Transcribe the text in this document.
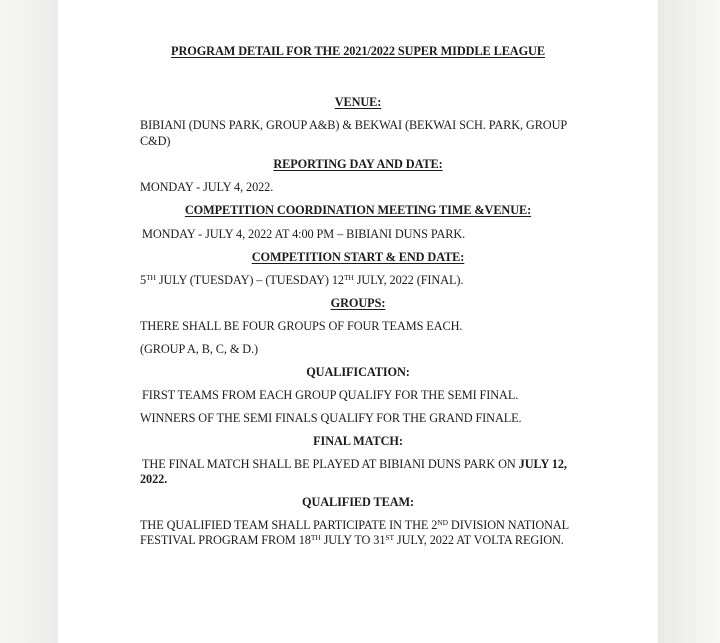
PROGRAM DETAIL FOR THE 2021/2022 SUPER MIDDLE LEAGUE
VENUE:
BIBIANI (DUNS PARK, GROUP A&B) & BEKWAI (BEKWAI SCH. PARK, GROUP
C&D)
REPORTING DAY AND DATE:
MONDAY - JULY 4, 2022.
COMPETITION COORDINATION MEETING TIME &VENUE:
MONDAY - JULY 4, 2022 AT 4:00 PM – BIBIANI DUNS PARK.
COMPETITION START & END DATE:
5TH JULY (TUESDAY) – (TUESDAY) 12TH JULY, 2022 (FINAL).
GROUPS:
THERE SHALL BE FOUR GROUPS OF FOUR TEAMS EACH.
(GROUP A, B, C, & D.)
QUALIFICATION:
FIRST TEAMS FROM EACH GROUP QUALIFY FOR THE SEMI FINAL.
WINNERS OF THE SEMI FINALS QUALIFY FOR THE GRAND FINALE.
FINAL MATCH:
THE FINAL MATCH SHALL BE PLAYED AT BIBIANI DUNS PARK ON JULY 12,
2022.
QUALIFIED TEAM:
THE QUALIFIED TEAM SHALL PARTICIPATE IN THE 2ND DIVISION NATIONAL
FESTIVAL PROGRAM FROM 18TH JULY TO 31ST JULY, 2022 AT VOLTA REGION.
